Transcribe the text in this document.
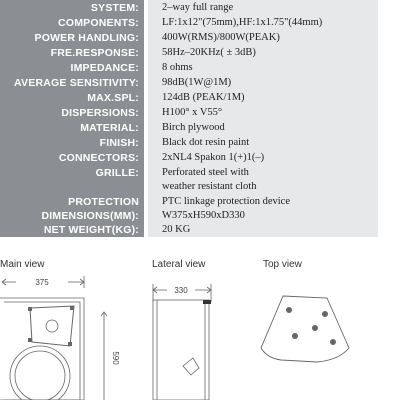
SYSTEM: 2–way full range
COMPONENTS: LF:1x12"(75mm),HF:1x1.75"(44mm)
POWER HANDLING: 400W(RMS)/800W(PEAK)
FRE.RESPONSE: 58Hz–20KHz( ± 3dB)
IMPEDANCE: 8 ohms
AVERAGE SENSITIVITY: 98dB(1W@1M)
MAX.SPL: 124dB (PEAK/1M)
DISPERSIONS: H100° x V55°
MATERIAL: Birch plywood
FINISH: Black dot resin paint
CONNECTORS: 2xNL4 Spakon 1(+)1(–)
GRILLE: Perforated steel with
weather resistant cloth
PROTECTION PTC linkage protection device
DIMENSIONS(MM): W375xH590xD330
NET WEIGHT(KG): 20 KG
Main view	Lateral view	Top view
375
590
330
